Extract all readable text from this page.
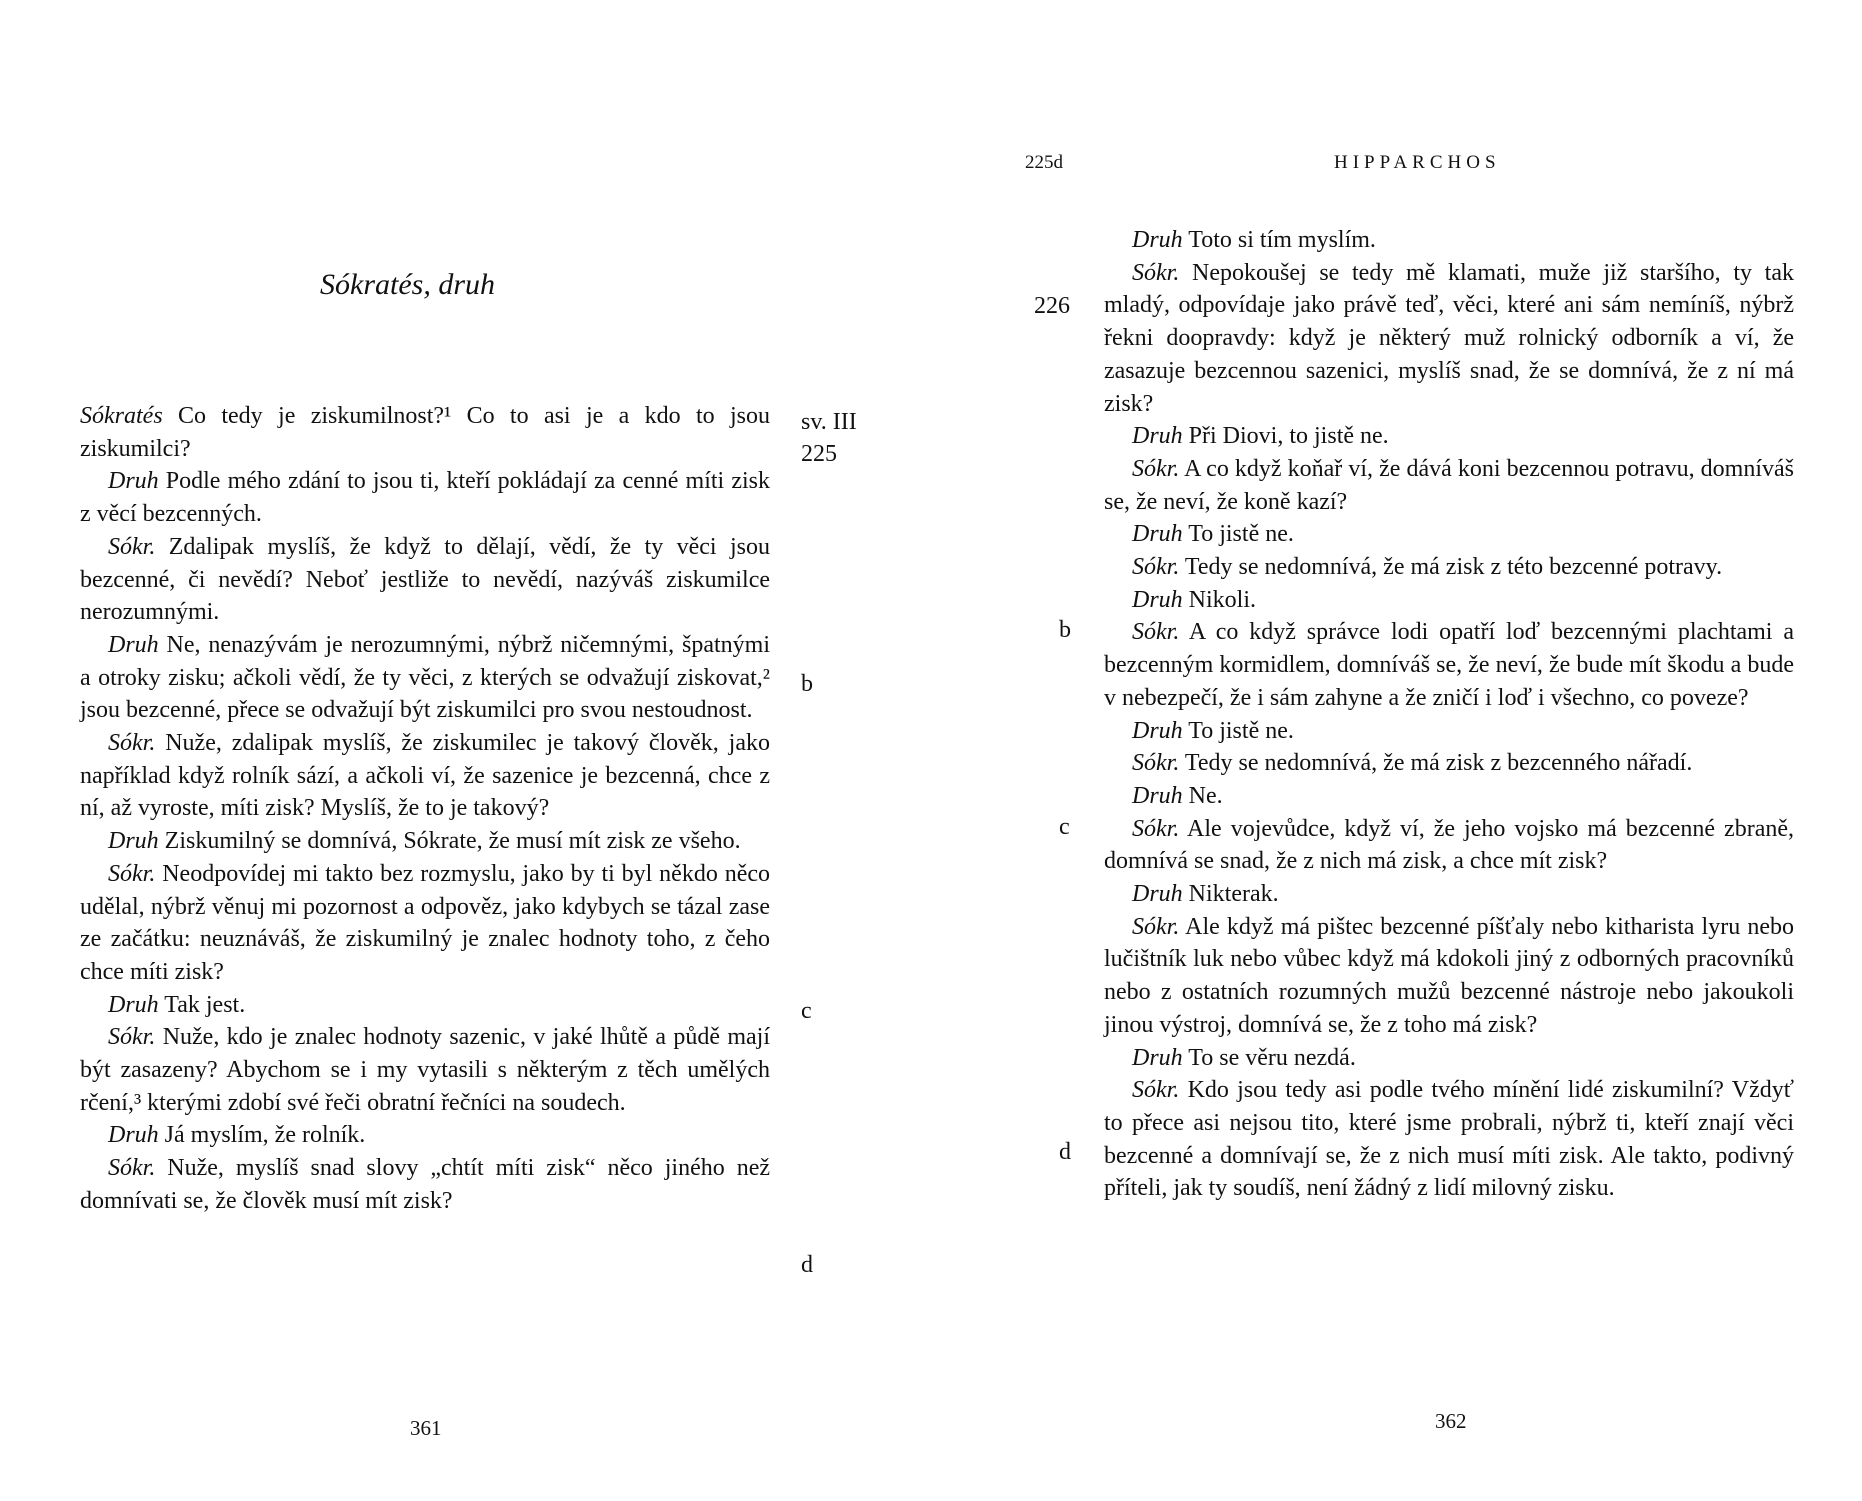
Sókratés, druh

Sókratés Co tedy je ziskumilnost?¹ Co to asi je a kdo to jsou ziskumilci?

Druh Podle mého zdání to jsou ti, kteří pokládají za cenné míti zisk z věcí bezcenných.

Sókr. Zdalipak myslíš, že když to dělají, vědí, že ty věci jsou bezcenné, či nevědí? Neboť jestliže to nevědí, nazýváš ziskumilce nerozumnými.

Druh Ne, nenazývám je nerozumnými, nýbrž ničemnými, špatnými a otroky zisku; ačkoli vědí, že ty věci, z kterých se odvažují ziskovat,² jsou bezcenné, přece se odvažují být ziskumilci pro svou nestoudnost.

Sókr. Nuže, zdalipak myslíš, že ziskumilec je takový člověk, jako například když rolník sází, a ačkoli ví, že sazenice je bezcenná, chce z ní, až vyroste, míti zisk? Myslíš, že to je takový?

Druh Ziskumilný se domnívá, Sókrate, že musí mít zisk ze všeho.

Sókr. Neodpovídej mi takto bez rozmyslu, jako by ti byl někdo něco udělal, nýbrž věnuj mi pozornost a odpověz, jako kdybych se tázal zase ze začátku: neuznáváš, že ziskumilný je znalec hodnoty toho, z čeho chce míti zisk?

Druh Tak jest.

Sókr. Nuže, kdo je znalec hodnoty sazenic, v jaké lhůtě a půdě mají být zasazeny? Abychom se i my vytasili s některým z těch umělých rčení,³ kterými zdobí své řeči obratní řečníci na soudech.

Druh Já myslím, že rolník.

Sókr. Nuže, myslíš snad slovy „chtít míti zisk“ něco jiného než domnívati se, že člověk musí mít zisk?

sv. III
225
b
c
d
361
225d	HIPPARCHOS

Druh Toto si tím myslím.

Sókr. Nepokoušej se tedy mě klamati, muže již staršího, ty tak mladý, odpovídaje jako právě teď, věci, které ani sám nemíníš, nýbrž řekni doopravdy: když je některý muž rolnický odborník a ví, že zasazuje bezcennou sazenici, myslíš snad, že se domnívá, že z ní má zisk?

Druh Při Diovi, to jistě ne.

Sókr. A co když koňař ví, že dává koni bezcennou potravu, domníváš se, že neví, že koně kazí?

Druh To jistě ne.

Sókr. Tedy se nedomnívá, že má zisk z této bezcenné potravy.

Druh Nikoli.

Sókr. A co když správce lodi opatří loď bezcennými plachtami a bezcenným kormidlem, domníváš se, že neví, že bude mít škodu a bude v nebezpečí, že i sám zahyne a že zničí i loď i všechno, co poveze?

Druh To jistě ne.

Sókr. Tedy se nedomnívá, že má zisk z bezcenného nářadí.

Druh Ne.

Sókr. Ale vojevůdce, když ví, že jeho vojsko má bezcenné zbraně, domnívá se snad, že z nich má zisk, a chce mít zisk?

Druh Nikterak.

Sókr. Ale když má pištec bezcenné píšťaly nebo kitharista lyru nebo lučištník luk nebo vůbec když má kdokoli jiný z odborných pracovníků nebo z ostatních rozumných mužů bezcenné nástroje nebo jakoukoli jinou výstroj, domnívá se, že z toho má zisk?

Druh To se věru nezdá.

Sókr. Kdo jsou tedy asi podle tvého mínění lidé ziskumilní? Vždyť to přece asi nejsou tito, které jsme probrali, nýbrž ti, kteří znají věci bezcenné a domnívají se, že z nich musí míti zisk. Ale takto, podivný příteli, jak ty soudíš, není žádný z lidí milovný zisku.

226
b
c
d
362
